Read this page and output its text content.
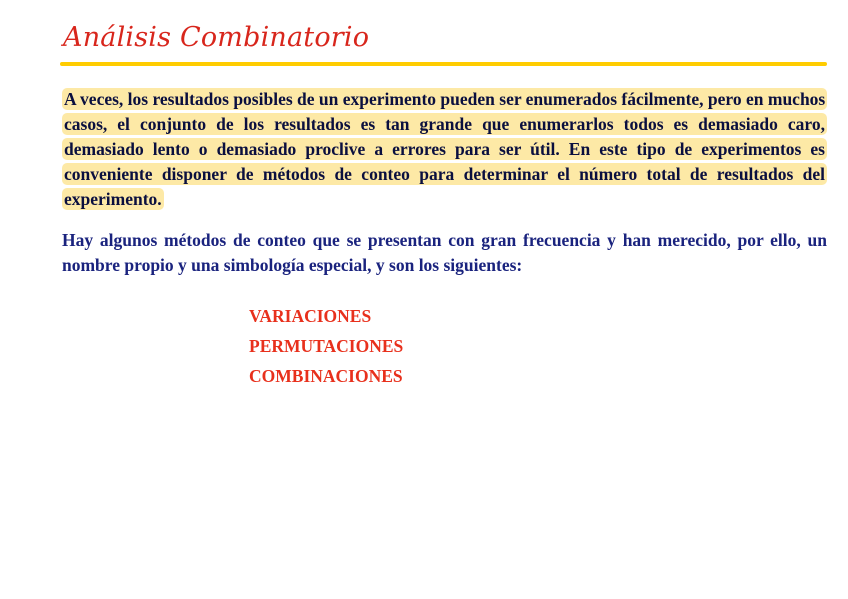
Análisis Combinatorio

A veces, los resultados posibles de un experimento pueden ser enumerados fácilmente, pero en muchos casos, el conjunto de los resultados es tan grande que enumerarlos todos es demasiado caro, demasiado lento o demasiado proclive a errores para ser útil. En este tipo de experimentos es conveniente disponer de métodos de conteo para determinar el número total de resultados del experimento.

Hay algunos métodos de conteo que se presentan con gran frecuencia y han merecido, por ello, un nombre propio y una simbología especial, y son los siguientes:

VARIACIONES
PERMUTACIONES
COMBINACIONES
